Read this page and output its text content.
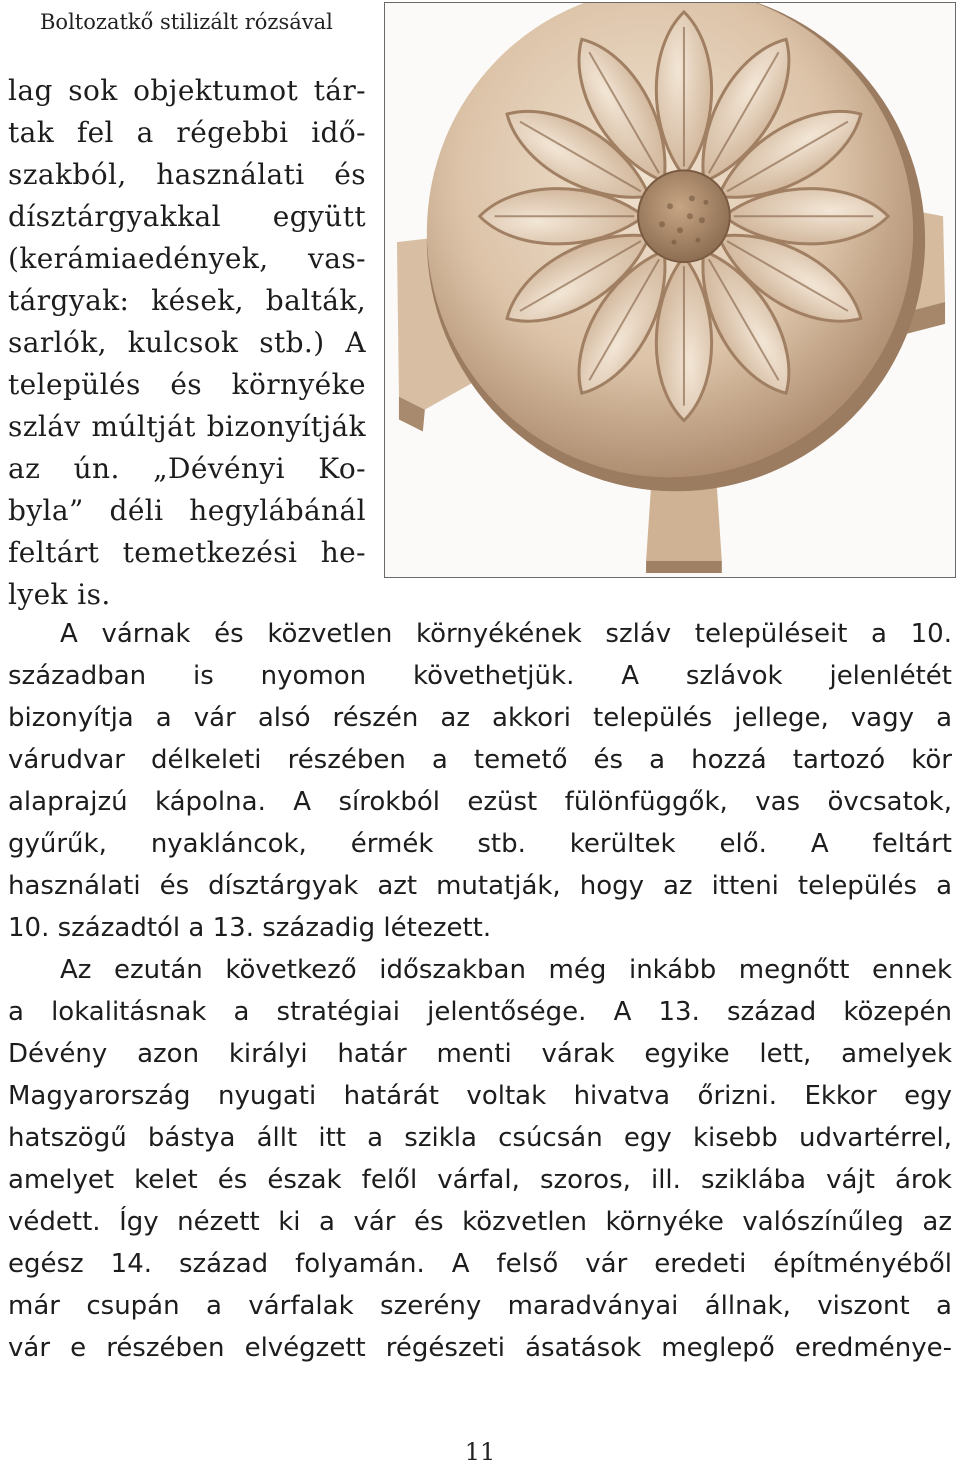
Boltozatkő stilizált rózsával
lag sok objektumot tár-
tak fel a régebbi idő-
szakból, használati és
dísztárgyakkal együtt
(kerámiaedények, vas-
tárgyak: kések, balták,
sarlók, kulcsok stb.) A
település és környéke
szláv múltját bizonyítják
az ún. „Dévényi Ko-
byla” déli hegylábánál
feltárt temetkezési he-
lyek is.
A várnak és közvetlen környékének szláv településeit a 10.
században is nyomon követhetjük. A szlávok jelenlétét
bizonyítja a vár alsó részén az akkori település jellege, vagy a
várudvar délkeleti részében a temető és a hozzá tartozó kör
alaprajzú kápolna. A sírokból ezüst fülönfüggők, vas övcsatok,
gyűrűk, nyakláncok, érmék stb. kerültek elő. A feltárt
használati és dísztárgyak azt mutatják, hogy az itteni település a
10. századtól a 13. századig létezett.
Az ezután következő időszakban még inkább megnőtt ennek
a lokalitásnak a stratégiai jelentősége. A 13. század közepén
Dévény azon királyi határ menti várak egyike lett, amelyek
Magyarország nyugati határát voltak hivatva őrizni. Ekkor egy
hatszögű bástya állt itt a szikla csúcsán egy kisebb udvartérrel,
amelyet kelet és észak felől várfal, szoros, ill. sziklába vájt árok
védett. Így nézett ki a vár és közvetlen környéke valószínűleg az
egész 14. század folyamán. A felső vár eredeti építményéből
már csupán a várfalak szerény maradványai állnak, viszont a
vár e részében elvégzett régészeti ásatások meglepő eredménye-
11
